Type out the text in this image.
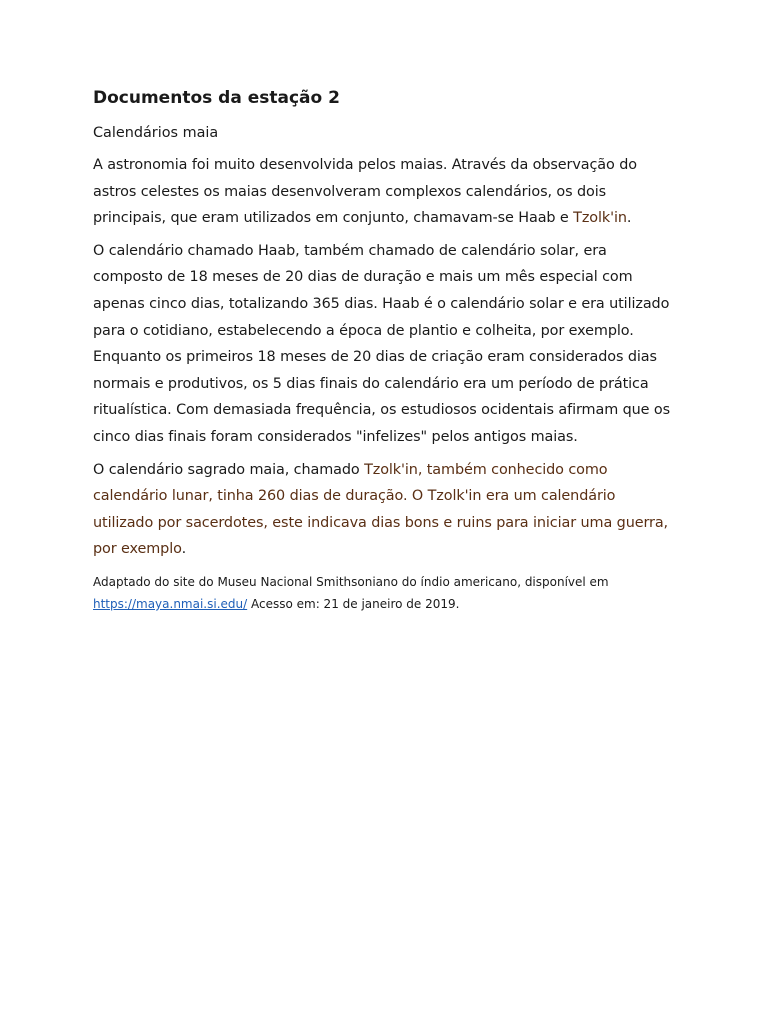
Documentos da estação 2

Calendários maia

A astronomia foi muito desenvolvida pelos maias. Através da observação do astros celestes os maias desenvolveram complexos calendários, os dois principais, que eram utilizados em conjunto, chamavam-se Haab e Tzolk'in.

O calendário chamado Haab, também chamado de calendário solar, era composto de 18 meses de 20 dias de duração e mais um mês especial com apenas cinco dias, totalizando 365 dias. Haab é o calendário solar e era utilizado para o cotidiano, estabelecendo a época de plantio e colheita, por exemplo. Enquanto os primeiros 18 meses de 20 dias de criação eram considerados dias normais e produtivos, os 5 dias finais do calendário era um período de prática ritualística. Com demasiada frequência, os estudiosos ocidentais afirmam que os cinco dias finais foram considerados "infelizes" pelos antigos maias.

O calendário sagrado maia, chamado Tzolk'in, também conhecido como calendário lunar, tinha 260 dias de duração. O Tzolk'in era um calendário utilizado por sacerdotes, este indicava dias bons e ruins para iniciar uma guerra, por exemplo.

Adaptado do site do Museu Nacional Smithsoniano do índio americano, disponível em
https://maya.nmai.si.edu/ Acesso em: 21 de janeiro de 2019.
